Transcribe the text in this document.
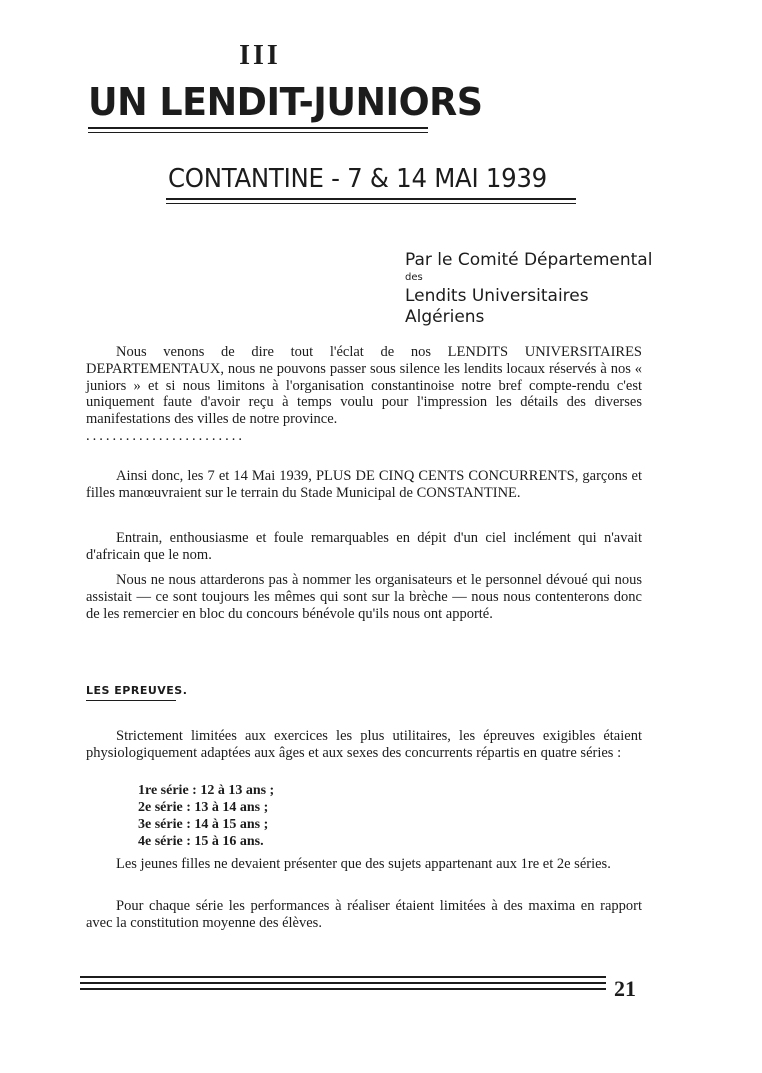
III
UN LENDIT-JUNIORS
CONTANTINE - 7 & 14 MAI 1939
Par le Comité Départemental
des
Lendits Universitaires Algériens

Nous venons de dire tout l'éclat de nos LENDITS UNIVERSITAIRES DEPARTEMENTAUX, nous ne pouvons passer sous silence les lendits locaux réservés à nos « juniors » et si nous limitons à l'organisation constantinoise notre bref compte-rendu c'est uniquement faute d'avoir reçu à temps voulu pour l'impression les détails des diverses manifestations des villes de notre province.

........................

Ainsi donc, les 7 et 14 Mai 1939, PLUS DE CINQ CENTS CONCURRENTS, garçons et filles manœuvraient sur le terrain du Stade Municipal de CONSTANTINE.

Entrain, enthousiasme et foule remarquables en dépit d'un ciel inclément qui n'avait d'africain que le nom.

Nous ne nous attarderons pas à nommer les organisateurs et le personnel dévoué qui nous assistait — ce sont toujours les mêmes qui sont sur la brèche — nous nous contenterons donc de les remercier en bloc du concours bénévole qu'ils nous ont apporté.

LES EPREUVES.

Strictement limitées aux exercices les plus utilitaires, les épreuves exigibles étaient physiologiquement adaptées aux âges et aux sexes des concurrents répartis en quatre séries :

1re série : 12 à 13 ans ;
2e série : 13 à 14 ans ;
3e série : 14 à 15 ans ;
4e série : 15 à 16 ans.

Les jeunes filles ne devaient présenter que des sujets appartenant aux 1re et 2e séries.

Pour chaque série les performances à réaliser étaient limitées à des maxima en rapport avec la constitution moyenne des élèves.

21
